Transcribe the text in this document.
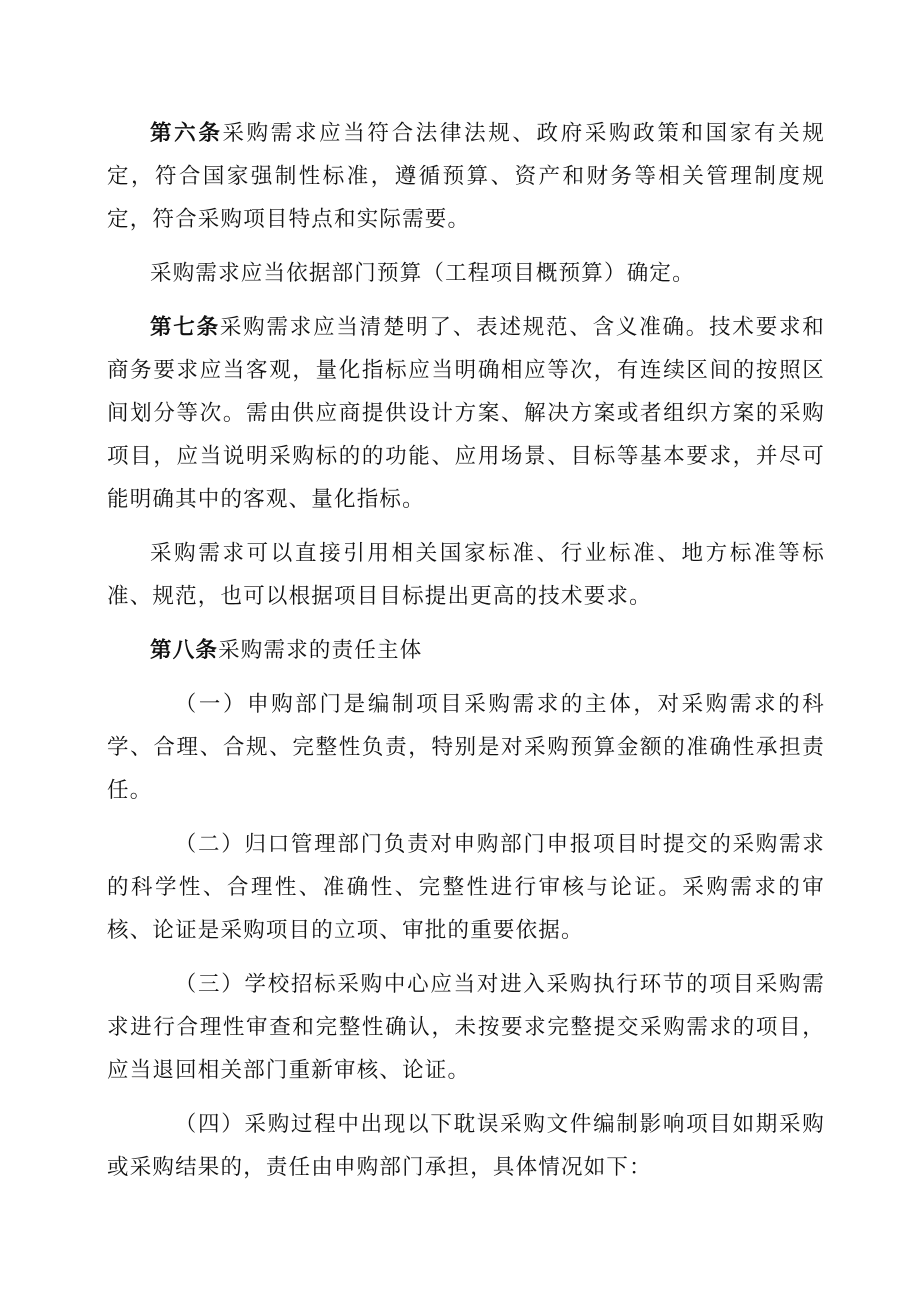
第六条采购需求应当符合法律法规、政府采购政策和国家有关规定，符合国家强制性标准，遵循预算、资产和财务等相关管理制度规定，符合采购项目特点和实际需要。

采购需求应当依据部门预算（工程项目概预算）确定。

第七条采购需求应当清楚明了、表述规范、含义准确。技术要求和商务要求应当客观，量化指标应当明确相应等次，有连续区间的按照区间划分等次。需由供应商提供设计方案、解决方案或者组织方案的采购项目，应当说明采购标的的功能、应用场景、目标等基本要求，并尽可能明确其中的客观、量化指标。

采购需求可以直接引用相关国家标准、行业标准、地方标准等标准、规范，也可以根据项目目标提出更高的技术要求。

第八条采购需求的责任主体

（一）申购部门是编制项目采购需求的主体，对采购需求的科学、合理、合规、完整性负责，特别是对采购预算金额的准确性承担责任。

（二）归口管理部门负责对申购部门申报项目时提交的采购需求的科学性、合理性、准确性、完整性进行审核与论证。采购需求的审核、论证是采购项目的立项、审批的重要依据。

（三）学校招标采购中心应当对进入采购执行环节的项目采购需求进行合理性审查和完整性确认，未按要求完整提交采购需求的项目，应当退回相关部门重新审核、论证。

（四）采购过程中出现以下耽误采购文件编制影响项目如期采购或采购结果的，责任由申购部门承担，具体情况如下：
